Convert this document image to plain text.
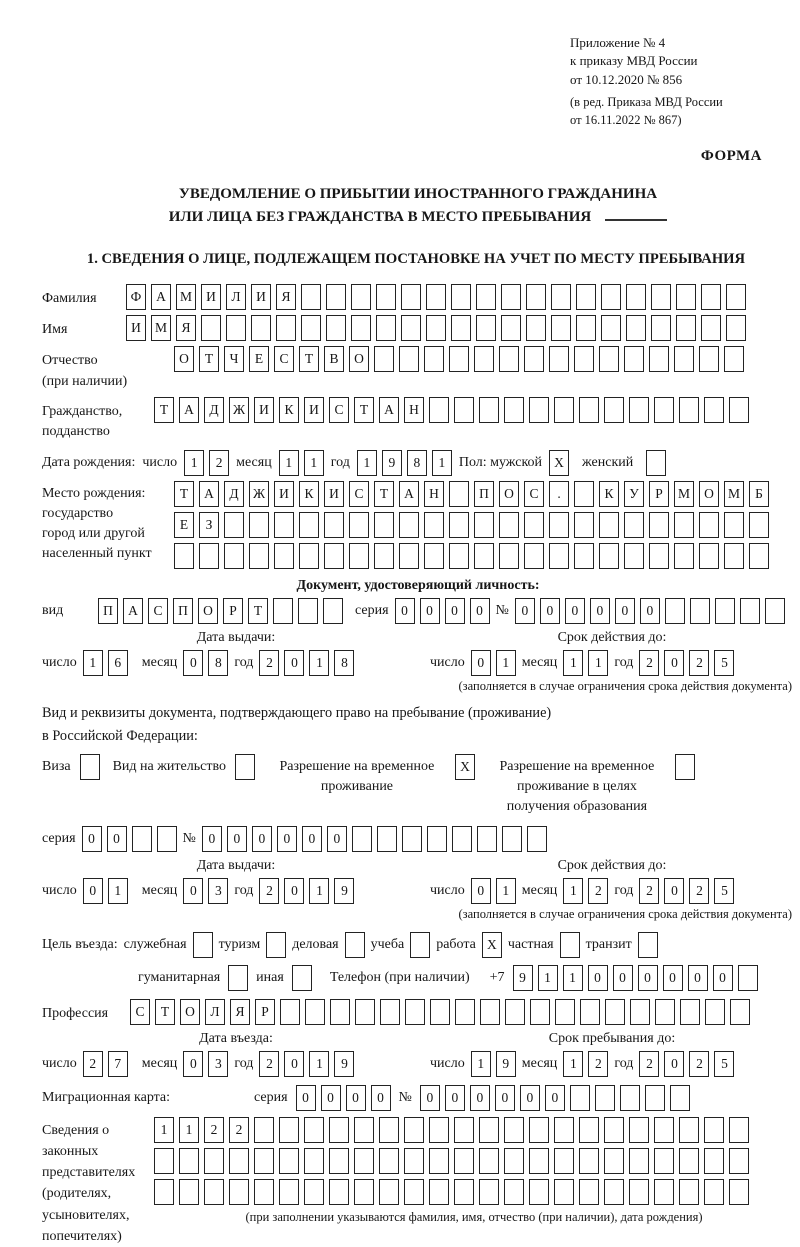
Приложение № 4
к приказу МВД России
от 10.12.2020 № 856
(в ред. Приказа МВД России
от 16.11.2022 № 867)
ФОРМА
УВЕДОМЛЕНИЕ О ПРИБЫТИИ ИНОСТРАННОГО ГРАЖДАНИНА
ИЛИ ЛИЦА БЕЗ ГРАЖДАНСТВА В МЕСТО ПРЕБЫВАНИЯ
1. СВЕДЕНИЯ О ЛИЦЕ, ПОДЛЕЖАЩЕМ ПОСТАНОВКЕ НА УЧЕТ ПО МЕСТУ ПРЕБЫВАНИЯ
Фамилия	Ф	А	М	И	Л	И	Я
Имя	И	М	Я
Отчество
(при наличии)
О	Т	Ч	Е	С	Т	В	О
Гражданство,
подданство
Т	А	Д	Ж	И	К	И	С	Т	А	Н
Дата рождения: число	1	2 месяц	1	1 год	1	9	8	1 Пол: мужской X	женский
Место рождения:
государство
город или другой
населенный пункт
Т	А	Д	Ж	И	К	И	С	Т	А	Н	П	О	С	.	К	У	Р	М	О	М	Б
Е	З
Документ, удостоверяющий личность:
вид	П	А	С	П	О	Р	Т	серия 0	0	0	0 № 0	0	0	0	0	0
Дата выдачи:
число 1	6	месяц 0	8 год 2	0	1	8
Срок действия до:
число 0	1 месяц 1	1 год 2	0	2	5
(заполняется в случае ограничения срока действия документа)
Вид и реквизиты документа, подтверждающего право на пребывание (проживание)
в Российской Федерации:
Виза	Вид на жительство	Разрешение на временное
проживание
X	Разрешение на временное
проживание в целях
получения образования
серия 0	0	№ 0	0	0	0	0	0
Дата выдачи:
число 0	1	месяц 0	3 год 2	0	1	9
Срок действия до:
число 0	1 месяц 1	2 год 2	0	2	5
(заполняется в случае ограничения срока действия документа)
Цель въезда: служебная туризм деловая учеба работа X частная транзит
гуманитарная	иная	Телефон (при наличии) +7	9	1	1	0	0	0	0	0	0
Профессия	С	Т	О	Л	Я	Р
Дата въезда:
число 2	7	месяц 0	3 год 2	0	1	9
Срок пребывания до:
число 1	9 месяц 1	2 год 2	0	2	5
Миграционная карта:	серия	0	0	0	0	№	0	0	0	0	0	0
Сведения о
законных
представителях
(родителях,
усыновителях,
попечителях)
1	1	2	2
(при заполнении указываются фамилия, имя, отчество (при наличии), дата рождения)
